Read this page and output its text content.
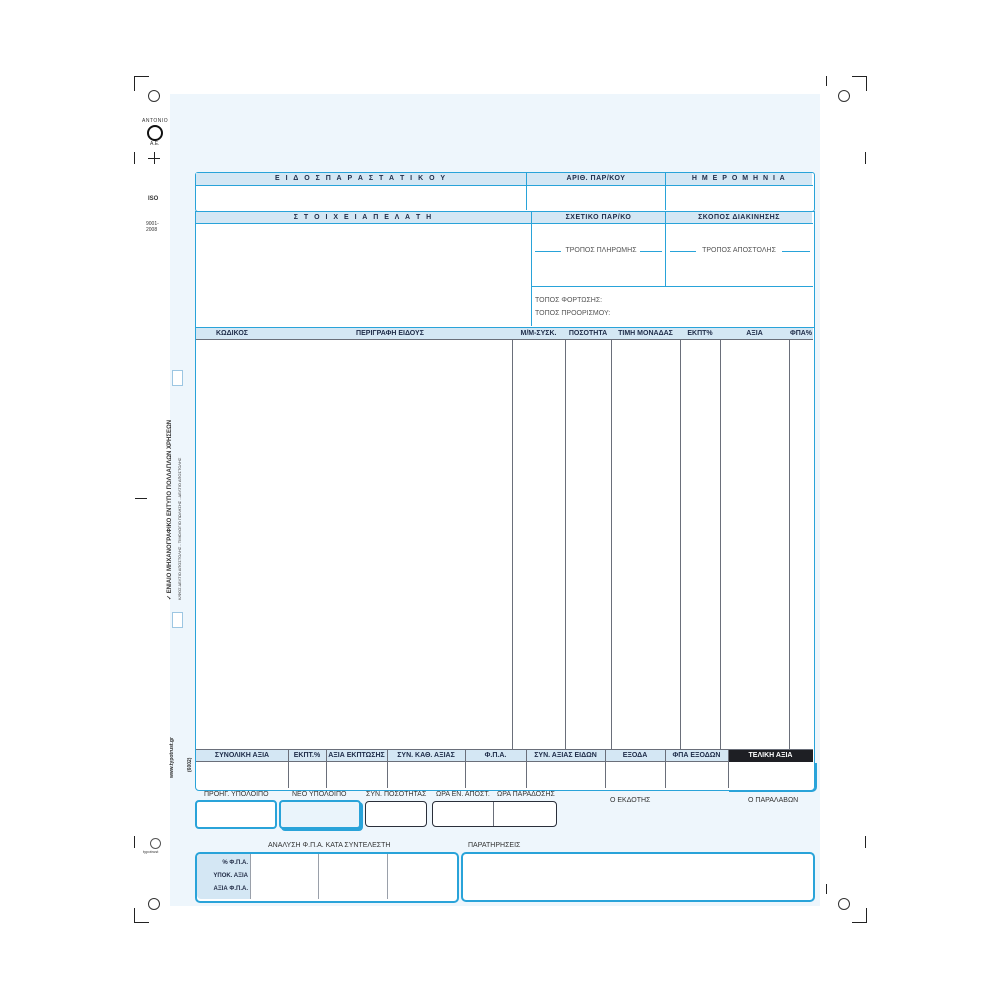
ANTONIO
A.E.
ISO
9001-
2008
✓ ΕΝΙΑΙΟ ΜΗΧΑΝΟΓΡΑΦΙΚΟ ΕΝΤΥΠΟ ΠΟΛΛΑΠΛΩΝ ΧΡΗΣΕΩΝ	Κ/ΦΟΣ ΔΕΛΤΙΟ ΑΠΟΣΤΟΛΗΣ - ΤΙΜΟΛΟΓΙΟ ΠΩΛΗΣΗΣ - ΔΕΛΤΙΟ ΑΠΟΣΤΟΛΗΣ
www.typotrust.gr (6002)
typotrust
Ε Ι Δ Ο Σ Π Α Ρ Α Σ Τ Α Τ Ι Κ Ο Υ	ΑΡΙΘ. ΠΑΡ/ΚΟΥ	Η Μ Ε Ρ Ο Μ Η Ν Ι Α
Σ Τ Ο Ι Χ Ε Ι Α Π Ε Λ Α Τ Η	ΣΧΕΤΙΚΟ ΠΑΡ/ΚΟ	ΣΚΟΠΟΣ ΔΙΑΚΙΝΗΣΗΣ
ΤΡΟΠΟΣ ΠΛΗΡΩΜΗΣ	ΤΡΟΠΟΣ ΑΠΟΣΤΟΛΗΣ
ΤΟΠΟΣ ΦΟΡΤΩΣΗΣ:
ΤΟΠΟΣ ΠΡΟΟΡΙΣΜΟΥ:
ΚΩΔΙΚΟΣ	ΠΕΡΙΓΡΑΦΗ ΕΙΔΟΥΣ	Μ/Μ-ΣΥΣΚ.	ΠΟΣΟΤΗΤΑ	ΤΙΜΗ ΜΟΝΑΔΑΣ	ΕΚΠΤ%	ΑΞΙΑ	ΦΠΑ%
ΣΥΝΟΛΙΚΗ ΑΞΙΑ	ΕΚΠΤ.%	ΑΞΙΑ ΕΚΠΤΩΣΗΣ	ΣΥΝ. ΚΑΘ. ΑΞΙΑΣ	Φ.Π.Α.	ΣΥΝ. ΑΞΙΑΣ ΕΙΔΩΝ	ΕΞΟΔΑ	ΦΠΑ ΕΞΟΔΩΝ	ΤΕΛΙΚΗ ΑΞΙΑ
ΠΡΟΗΓ. ΥΠΟΛΟΙΠΟ	ΝΕΟ ΥΠΟΛΟΙΠΟ	ΣΥΝ. ΠΟΣΟΤΗΤΑΣ ΩΡΑ ΕΝ. ΑΠΟΣΤ. ΩΡΑ ΠΑΡΑΔΟΣΗΣ
Ο ΕΚΔΟΤΗΣ	Ο ΠΑΡΑΛΑΒΩΝ
ΑΝΑΛΥΣΗ Φ.Π.Α. ΚΑΤΑ ΣΥΝΤΕΛΕΣΤΗ
% Φ.Π.Α.
ΥΠΟΚ. ΑΞΙΑ
ΑΞΙΑ Φ.Π.Α.
ΠΑΡΑΤΗΡΗΣΕΙΣ
